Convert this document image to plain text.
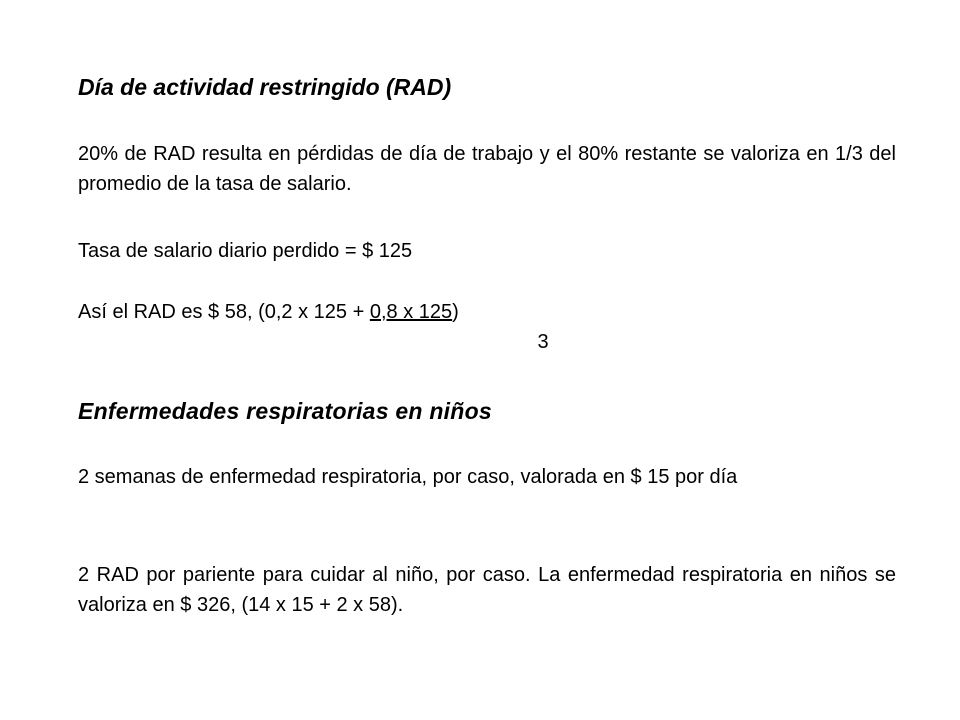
Día de actividad restringido (RAD)

20% de RAD resulta en pérdidas de día de trabajo y el 80% restante se valoriza en 1/3 del promedio de la tasa de salario.

Tasa de salario diario perdido = $ 125

Así el RAD es $ 58, (0,2 x 125 + 0,8 x 125)

3

Enfermedades respiratorias en niños

2 semanas de enfermedad respiratoria, por caso, valorada en $ 15 por día

2 RAD por pariente para cuidar al niño, por caso. La enfermedad respiratoria en niños se valoriza en $ 326, (14 x 15 + 2 x 58).
